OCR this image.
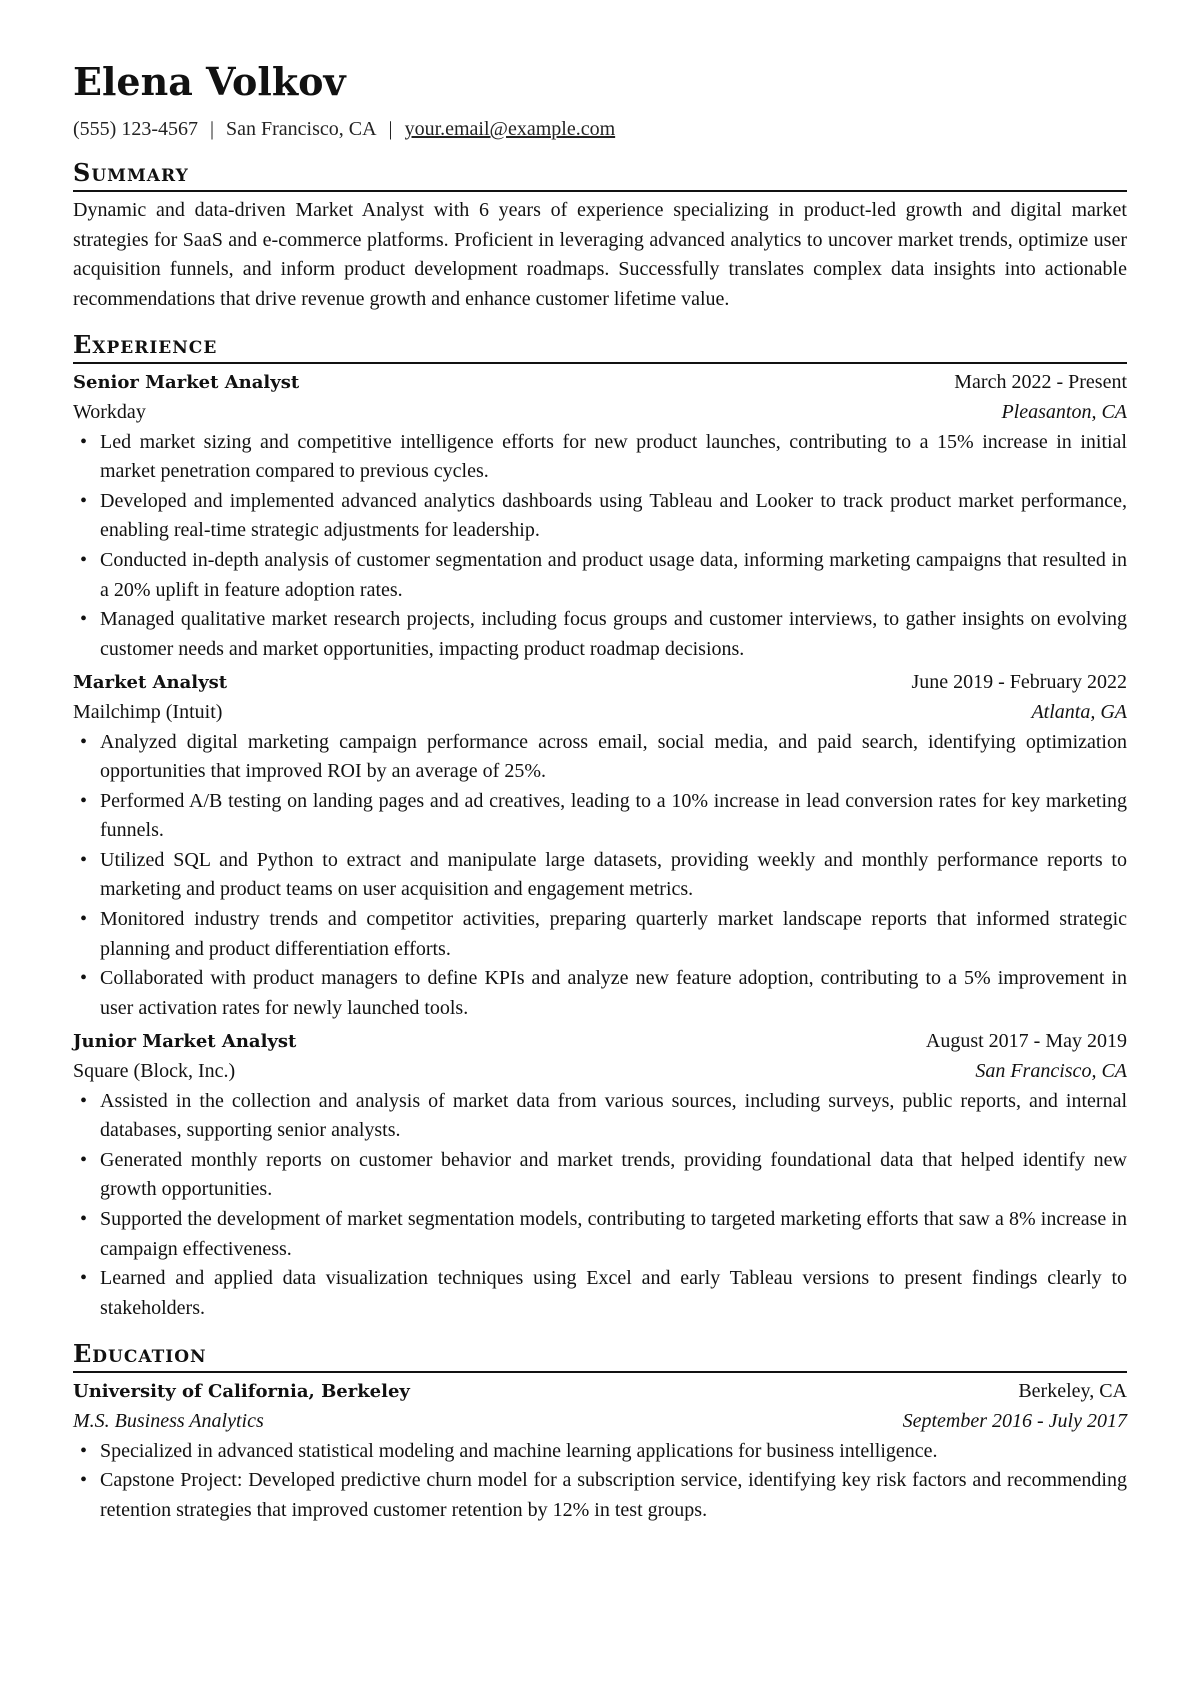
Elena Volkov
(555) 123-4567 | San Francisco, CA | your.email@example.com
Summary

Dynamic and data-driven Market Analyst with 6 years of experience specializing in product-led growth and digital market strategies for SaaS and e-commerce platforms. Proficient in leveraging advanced analytics to uncover market trends, optimize user acquisition funnels, and inform product development roadmaps. Successfully translates complex data insights into actionable recommendations that drive revenue growth and enhance customer lifetime value.

Experience
Senior Market Analyst	March 2022 - Present
Workday	Pleasanton, CA
• Led market sizing and competitive intelligence efforts for new product launches, contributing to a 15% increase in initial market penetration compared to previous cycles.
• Developed and implemented advanced analytics dashboards using Tableau and Looker to track product market performance, enabling real-time strategic adjustments for leadership.
• Conducted in-depth analysis of customer segmentation and product usage data, informing marketing campaigns that resulted in a 20% uplift in feature adoption rates.
• Managed qualitative market research projects, including focus groups and customer interviews, to gather insights on evolving customer needs and market opportunities, impacting product roadmap decisions.
Market Analyst	June 2019 - February 2022
Mailchimp (Intuit)	Atlanta, GA
• Analyzed digital marketing campaign performance across email, social media, and paid search, identifying optimization opportunities that improved ROI by an average of 25%.
• Performed A/B testing on landing pages and ad creatives, leading to a 10% increase in lead conversion rates for key marketing funnels.
• Utilized SQL and Python to extract and manipulate large datasets, providing weekly and monthly performance reports to marketing and product teams on user acquisition and engagement metrics.
• Monitored industry trends and competitor activities, preparing quarterly market landscape reports that informed strategic planning and product differentiation efforts.
• Collaborated with product managers to define KPIs and analyze new feature adoption, contributing to a 5% improvement in user activation rates for newly launched tools.
Junior Market Analyst	August 2017 - May 2019
Square (Block, Inc.)	San Francisco, CA
• Assisted in the collection and analysis of market data from various sources, including surveys, public reports, and internal databases, supporting senior analysts.
• Generated monthly reports on customer behavior and market trends, providing foundational data that helped identify new growth opportunities.
• Supported the development of market segmentation models, contributing to targeted marketing efforts that saw a 8% increase in campaign effectiveness.
• Learned and applied data visualization techniques using Excel and early Tableau versions to present findings clearly to stakeholders.
Education
University of California, Berkeley	Berkeley, CA
M.S. Business Analytics	September 2016 - July 2017
• Specialized in advanced statistical modeling and machine learning applications for business intelligence.
• Capstone Project: Developed predictive churn model for a subscription service, identifying key risk factors and recommending retention strategies that improved customer retention by 12% in test groups.
